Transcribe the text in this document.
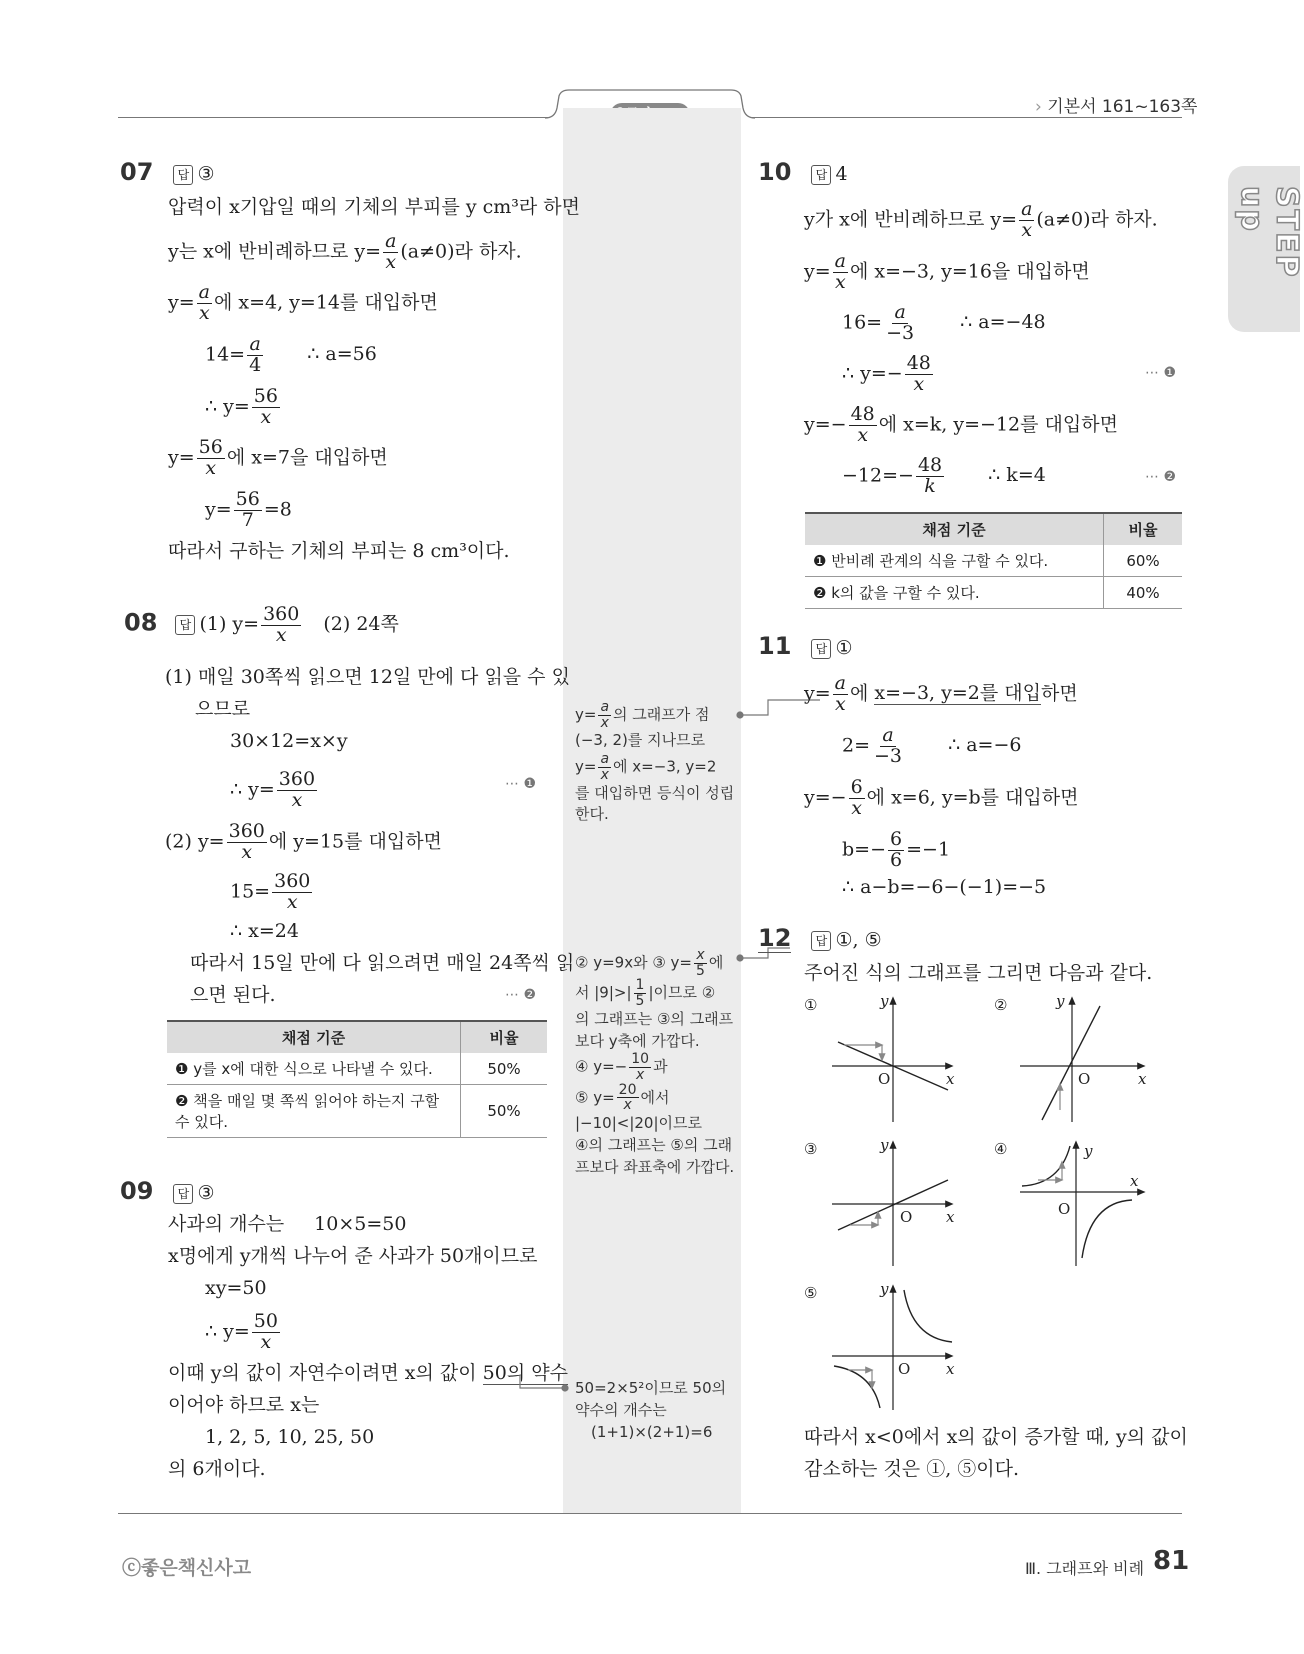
› 기본서 161~163쪽
STEP up
07 답 ③
압력이 x기압일 때의 기체의 부피를 y cm³라 하면
y는 x에 반비례하므로 $y= \frac{a}{x} (a\ne 0)$라 하자.
$y= \frac{a}{x}$ 에 x=4, y=14를 대입하면
$14= \frac{a}{4}$ ∴ a=56
∴ $y= \frac{56}{x}$
$y= \frac{56}{x}$ 에 x=7을 대입하면
$y= \frac{56}{7} =8$
따라서 구하는 기체의 부피는 8 cm³이다.
08 답 (1) $y= \frac{360}{x} (2)$ 24쪽
(1) 매일 30쪽씩 읽으면 12일 만에 다 읽을 수 있
으므로
30×12=x×y
∴ $y= \frac{360}{x}$	⋯ ❶
(2) $y= \frac{360}{x}$ 에 y=15를 대입하면
$15= \frac{360}{x}$
∴ x=24
따라서 15일 만에 다 읽으려면 매일 24쪽씩 읽
으면 된다.	⋯ ❷
채점 기준	비율
❶ y를 x에 대한 식으로 나타낼 수 있다.	50%
❷ 책을 매일 몇 쪽씩 읽어야 하는지 구할 수 있다.	50%
09 답 ③
사과의 개수는 10×5=50
x명에게 y개씩 나누어 준 사과가 50개이므로
xy=50
∴ $y= \frac{50}{x}$
이때 y의 값이 자연수이려면 x의 값이 50의 약수
이어야 하므로 x는
1, 2, 5, 10, 25, 50
의 6개이다.
$y= \frac{a}{x}$ 의 그래프가 점
(−3, 2)를 지나므로
$y= \frac{a}{x}$ 에 x=−3, y=2
를 대입하면 등식이 성립
한다.
② y=9x와 ③ $y= \frac{x}{5}$ 에
서 $|9|>| \frac{1}{5}$ |이므로 ②
의 그래프는 ③의 그래프
보다 y축에 가깝다.
④ $y=- \frac{10}{x}$ 과
⑤ $y= \frac{20}{x}$ 에서
|−10|<|20|이므로
④의 그래프는 ⑤의 그래
프보다 좌표축에 가깝다.
50=2×5²이므로 50의
약수의 개수는
(1+1)×(2+1)=6
10 답 4
y가 x에 반비례하므로 $y= \frac{a}{x} (a\ne 0)$라 하자.
$y= \frac{a}{x}$ 에 x=−3, y=16을 대입하면
$16= \frac{a}{-3}$ ∴ a=−48
∴ $y=- \frac{48}{x}$	⋯ ❶
$y=- \frac{48}{x}$ 에 x=k, y=−12를 대입하면
$-12=- \frac{48}{k}$ ∴ k=4	⋯ ❷
채점 기준	비율
❶ 반비례 관계의 식을 구할 수 있다.	60%
❷ k의 값을 구할 수 있다.	40%
11 답 ①
$y= \frac{a}{x}$ 에 x=−3, y=2를 대입하면
$2= \frac{a}{-3}$ ∴ a=−6
$y=- \frac{6}{x}$ 에 x=6, y=b를 대입하면
$b=- \frac{6}{6} =-1$
∴ a−b=−6−(−1)=−5
12 답 ①, ⑤
주어진 식의 그래프를 그리면 다음과 같다.
①
x
y
O
②
x
y
O
③
x
y
O
④
x
y
O
⑤
x
y
O
따라서 x<0에서 x의 값이 증가할 때, y의 값이
감소하는 것은 ①, ⑤이다.
ⓒ좋은책신사고	Ⅲ. 그래프와 비례 81
